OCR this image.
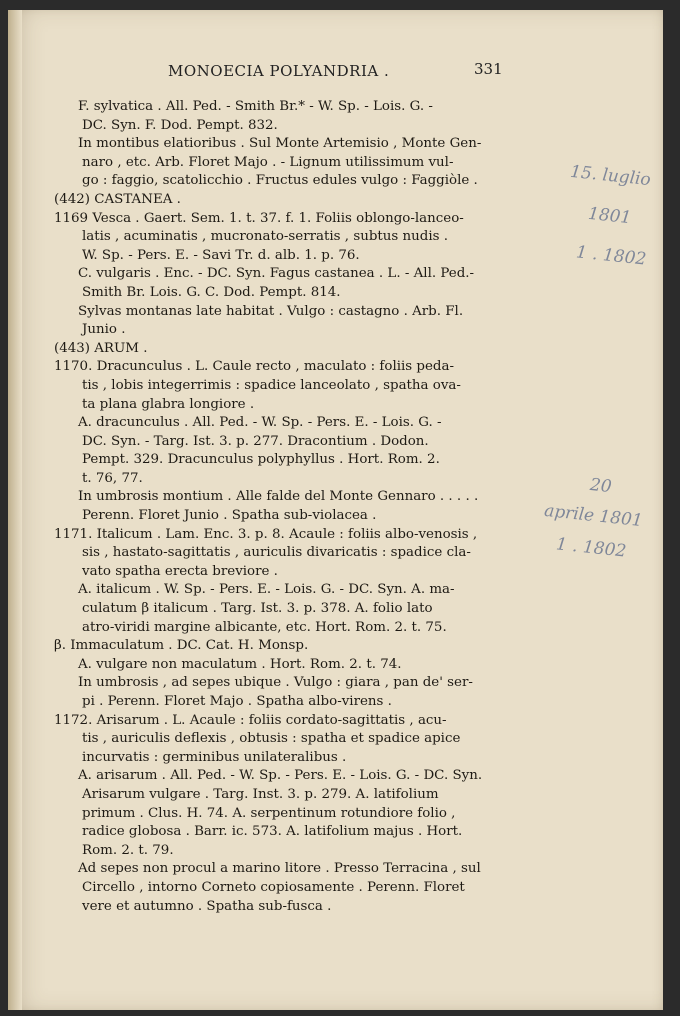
MONOECIA POLYANDRIA .	331
F. sylvatica . All. Ped. - Smith Br.* - W. Sp. - Lois. G. -
DC. Syn. F. Dod. Pempt. 832.
In montibus elatioribus . Sul Monte Artemisio , Monte Gen-
naro , etc. Arb. Floret Majo . - Lignum utilissimum vul-
go : faggio, scatolicchio . Fructus edules vulgo : Faggiòle .
(442) CASTANEA .
1169 Vesca . Gaert. Sem. 1. t. 37. f. 1. Foliis oblongo-lanceo-
latis , acuminatis , mucronato-serratis , subtus nudis .
W. Sp. - Pers. E. - Savi Tr. d. alb. 1. p. 76.
C. vulgaris . Enc. - DC. Syn. Fagus castanea . L. - All. Ped.-
Smith Br. Lois. G. C. Dod. Pempt. 814.
Sylvas montanas late habitat . Vulgo : castagno . Arb. Fl.
Junio .
(443) ARUM .
1170. Dracunculus . L. Caule recto , maculato : foliis peda-
tis , lobis integerrimis : spadice lanceolato , spatha ova-
ta plana glabra longiore .
A. dracunculus . All. Ped. - W. Sp. - Pers. E. - Lois. G. -
DC. Syn. - Targ. Ist. 3. p. 277. Dracontium . Dodon.
Pempt. 329. Dracunculus polyphyllus . Hort. Rom. 2.
t. 76, 77.
In umbrosis montium . Alle falde del Monte Gennaro . . . . .
Perenn. Floret Junio . Spatha sub-violacea .
1171. Italicum . Lam. Enc. 3. p. 8. Acaule : foliis albo-venosis ,
sis , hastato-sagittatis , auriculis divaricatis : spadice cla-
vato spatha erecta breviore .
A. italicum . W. Sp. - Pers. E. - Lois. G. - DC. Syn. A. ma-
culatum β italicum . Targ. Ist. 3. p. 378. A. folio lato
atro-viridi margine albicante, etc. Hort. Rom. 2. t. 75.
β. Immaculatum . DC. Cat. H. Monsp.
A. vulgare non maculatum . Hort. Rom. 2. t. 74.
In umbrosis , ad sepes ubique . Vulgo : giara , pan de' ser-
pi . Perenn. Floret Majo . Spatha albo-virens .
1172. Arisarum . L. Acaule : foliis cordato-sagittatis , acu-
tis , auriculis deflexis , obtusis : spatha et spadice apice
incurvatis : germinibus unilateralibus .
A. arisarum . All. Ped. - W. Sp. - Pers. E. - Lois. G. - DC. Syn.
Arisarum vulgare . Targ. Inst. 3. p. 279. A. latifolium
primum . Clus. H. 74. A. serpentinum rotundiore folio ,
radice globosa . Barr. ic. 573. A. latifolium majus . Hort.
Rom. 2. t. 79.
Ad sepes non procul a marino litore . Presso Terracina , sul
Circello , intorno Corneto copiosamente . Perenn. Floret
vere et autumno . Spatha sub-fusca .
15. luglio
1801
1 . 1802
20
aprile 1801
1 . 1802
